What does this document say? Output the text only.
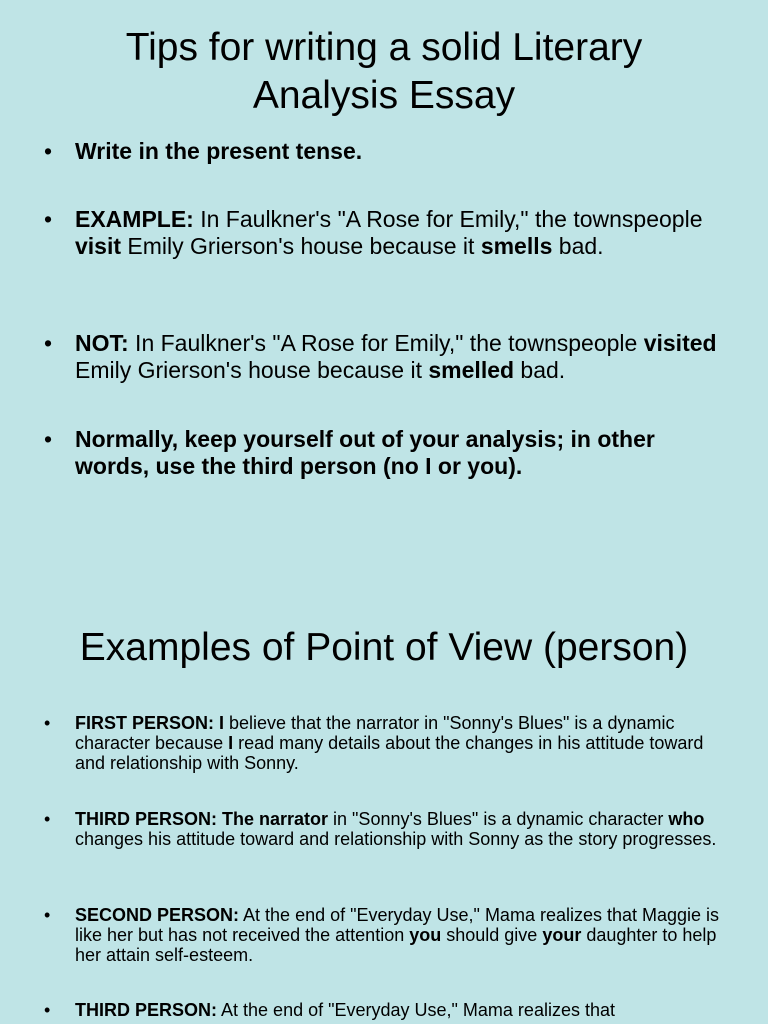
Tips for writing a solid Literary
Analysis Essay
• Write in the present tense.
• EXAMPLE: In Faulkner's "A Rose for Emily," the townspeople visit Emily Grierson's house because it smells bad.
• NOT: In Faulkner's "A Rose for Emily," the townspeople visited Emily Grierson's house because it smelled bad.
• Normally, keep yourself out of your analysis; in other words, use the third person (no I or you).
Examples of Point of View (person)
• FIRST PERSON: I believe that the narrator in "Sonny's Blues" is a dynamic character because I read many details about the changes in his attitude toward and relationship with Sonny.
• THIRD PERSON: The narrator in "Sonny's Blues" is a dynamic character who changes his attitude toward and relationship with Sonny as the story progresses.
• SECOND PERSON: At the end of "Everyday Use," Mama realizes that Maggie is like her but has not received the attention you should give your daughter to help her attain self-esteem.
• THIRD PERSON: At the end of "Everyday Use," Mama realizes that
